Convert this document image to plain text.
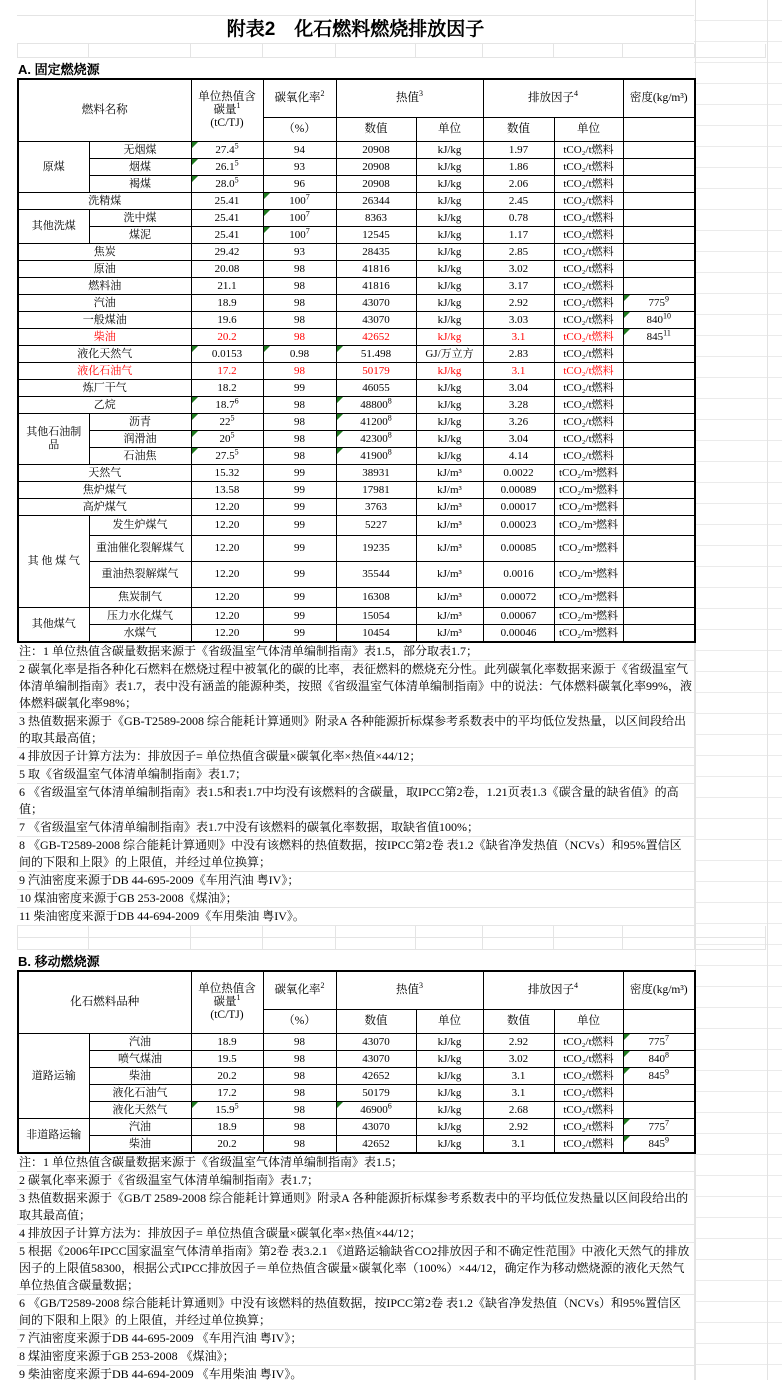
附表2　化石燃料燃烧排放因子
A. 固定燃烧源
燃料名称		单位热值含碳量$^1$
(tC/TJ)	碳氧化率$^2$	热值$^3$		排放因子$^4$		密度(kg/m³)
			（%）	数值	单位	数值	单位	
原煤	无烟煤	27.4$^5$	94	20908	kJ/kg	1.97	tCO₂/t燃料	
	烟煤	26.1$^5$	93	20908	kJ/kg	1.86	tCO₂/t燃料	
	褐煤	28.0$^5$	96	20908	kJ/kg	2.06	tCO₂/t燃料	
洗精煤		25.41	$100^7$	26344	kJ/kg	2.45	tCO₂/t燃料	
其他洗煤	洗中煤	25.41	$100^7$	8363	kJ/kg	0.78	tCO₂/t燃料	
	煤泥	25.41	$100^7$	12545	kJ/kg	1.17	tCO₂/t燃料	
焦炭		29.42	93	28435	kJ/kg	2.85	tCO₂/t燃料	
原油		20.08	98	41816	kJ/kg	3.02	tCO₂/t燃料	
燃料油		21.1	98	41816	kJ/kg	3.17	tCO₂/t燃料	
汽油		18.9	98	43070	kJ/kg	2.92	tCO₂/t燃料	$775^9$
一般煤油		19.6	98	43070	kJ/kg	3.03	tCO₂/t燃料	$840^{10}$
柴油		20.2	98	42652	kJ/kg	3.1	tCO₂/t燃料	$845^{11}$
液化天然气		0.0153	0.98	51.498	GJ/万立方	2.83	tCO₂/t燃料	
液化石油气		17.2	98	50179	kJ/kg	3.1	tCO₂/t燃料	
炼厂干气		18.2	99	46055	kJ/kg	3.04	tCO₂/t燃料	
乙烷		18.7$^6$	98	48800$^8$	kJ/kg	3.28	tCO₂/t燃料	
其他石油制品	沥青	$22^5$	98	41200$^8$	kJ/kg	3.26	tCO₂/t燃料	
	润滑油	$20^5$	98	42300$^8$	kJ/kg	3.04	tCO₂/t燃料	
	石油焦	27.5$^5$	98	41900$^8$	kJ/kg	4.14	tCO₂/t燃料	
天然气		15.32	99	38931	kJ/m³	0.0022	tCO₂/m³燃料	
焦炉煤气		13.58	99	17981	kJ/m³	0.00089	tCO₂/m³燃料	
高炉煤气		12.20	99	3763	kJ/m³	0.00017	tCO₂/m³燃料	
其 他 煤 气	发生炉煤气	12.20	99	5227	kJ/m³	0.00023	tCO₂/m³燃料	
	重油催化裂解煤气	12.20	99	19235	kJ/m³	0.00085	tCO₂/m³燃料	
	重油热裂解煤气	12.20	99	35544	kJ/m³	0.0016	tCO₂/m³燃料	
	焦炭制气	12.20	99	16308	kJ/m³	0.00072	tCO₂/m³燃料	
其他煤气	压力水化煤气	12.20	99	15054	kJ/m³	0.00067	tCO₂/m³燃料	
	水煤气	12.20	99	10454	kJ/m³	0.00046	tCO₂/m³燃料	
注：1 单位热值含碳量数据来源于《省级温室气体清单编制指南》表1.5，部分取表1.7；
2 碳氧化率是指各种化石燃料在燃烧过程中被氧化的碳的比率，表征燃料的燃烧充分性。此列碳氧化率数据来源于《省级温室气体清单编制指南》表1.7，表中没有涵盖的能源种类，按照《省级温室气体清单编制指南》中的说法：气体燃料碳氧化率99%，液体燃料碳氧化率98%；
3 热值数据来源于《GB-T2589-2008 综合能耗计算通则》附录A 各种能源折标煤参考系数表中的平均低位发热量，以区间段给出的取其最高值；
4 排放因子计算方法为：排放因子= 单位热值含碳量×碳氧化率×热值×44/12；
5 取《省级温室气体清单编制指南》表1.7；
6 《省级温室气体清单编制指南》表1.5和表1.7中均没有该燃料的含碳量，取IPCC第2卷，1.21页表1.3《碳含量的缺省值》的高值；
7 《省级温室气体清单编制指南》表1.7中没有该燃料的碳氧化率数据，取缺省值100%；
8 《GB-T2589-2008 综合能耗计算通则》中没有该燃料的热值数据，按IPCC第2卷 表1.2《缺省净发热值（NCVs）和95%置信区间的下限和上限》的上限值，并经过单位换算；
9 汽油密度来源于DB 44-695-2009《车用汽油 粤IV》；
10 煤油密度来源于GB 253-2008《煤油》；
11 柴油密度来源于DB 44-694-2009《车用柴油 粤IV》。
B. 移动燃烧源
化石燃料品种		单位热值含碳量$^1$
(tC/TJ)	碳氧化率$^2$	热值$^3$		排放因子$^4$		密度(kg/m³)
			（%）	数值	单位	数值	单位	
道路运输	汽油	18.9	98	43070	kJ/kg	2.92	tCO₂/t燃料	$775^7$
	喷气煤油	19.5	98	43070	kJ/kg	3.02	tCO₂/t燃料	$840^8$
	柴油	20.2	98	42652	kJ/kg	3.1	tCO₂/t燃料	$845^9$
	液化石油气	17.2	98	50179	kJ/kg	3.1	tCO₂/t燃料	
	液化天然气	15.9$^5$	98	46900$^6$	kJ/kg	2.68	tCO₂/t燃料	
非道路运输	汽油	18.9	98	43070	kJ/kg	2.92	tCO₂/t燃料	$775^7$
	柴油	20.2	98	42652	kJ/kg	3.1	tCO₂/t燃料	$845^9$
注：1 单位热值含碳量数据来源于《省级温室气体清单编制指南》表1.5；
2 碳氧化率来源于《省级温室气体清单编制指南》表1.7；
3 热值数据来源于《GB/T 2589-2008 综合能耗计算通则》附录A 各种能源折标煤参考系数表中的平均低位发热量以区间段给出的取其最高值；
4 排放因子计算方法为：排放因子= 单位热值含碳量×碳氧化率×热值×44/12；
5 根据《2006年IPCC国家温室气体清单指南》第2卷 表3.2.1 《道路运输缺省CO2排放因子和不确定性范围》中液化天然气的排放因子的上限值58300，根据公式IPCC排放因子＝单位热值含碳量×碳氧化率（100%）×44/12，确定作为移动燃烧源的液化天然气单位热值含碳量数据；
6 《GB/T2589-2008 综合能耗计算通则》中没有该燃料的热值数据，按IPCC第2卷 表1.2《缺省净发热值（NCVs）和95%置信区间的下限和上限》的上限值，并经过单位换算；
7 汽油密度来源于DB 44-695-2009 《车用汽油 粤IV》；
8 煤油密度来源于GB 253-2008 《煤油》；
9 柴油密度来源于DB 44-694-2009 《车用柴油 粤IV》。
